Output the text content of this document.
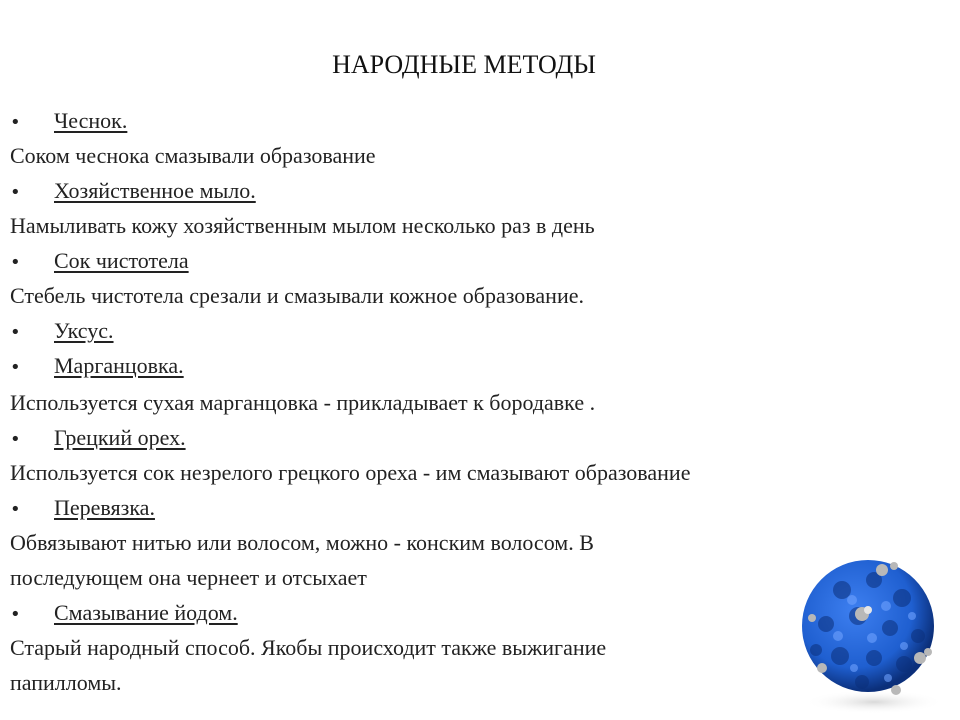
НАРОДНЫЕ МЕТОДЫ
•	Чеснок.
Соком чеснока смазывали образование
•	Хозяйственное мыло.
Намыливать кожу хозяйственным мылом несколько раз в день
•	Сок чистотела
Стебель чистотела срезали и смазывали кожное образование.
•	Уксус.
•	Марганцовка.
Используется сухая марганцовка - прикладывает к бородавке .
•	Грецкий орех.
Используется сок незрелого грецкого ореха - им смазывают образование
•	Перевязка.
Обвязывают нитью или волосом, можно - конским волосом. В
последующем она чернеет и отсыхает
•	Смазывание йодом.
Старый народный способ. Якобы происходит также выжигание
папилломы.
